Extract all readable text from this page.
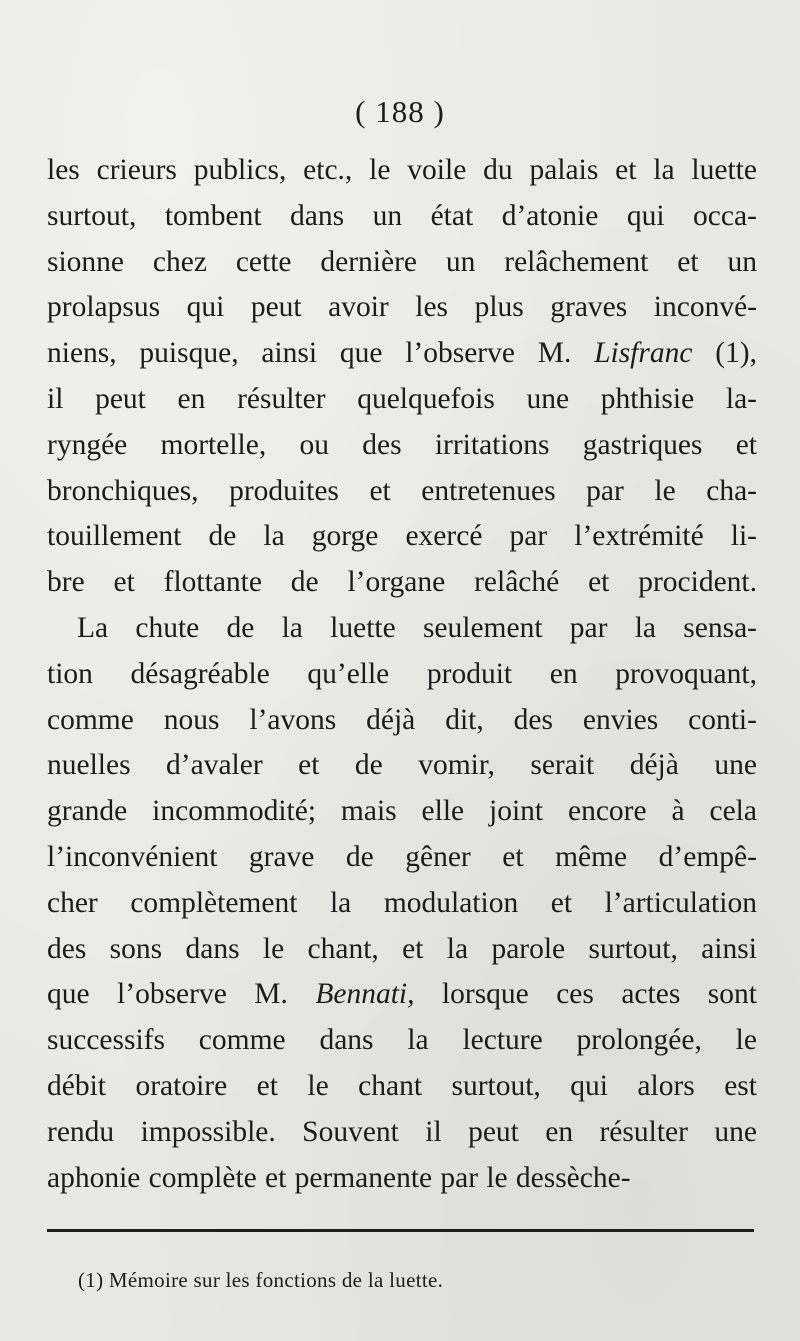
( 188 )
les crieurs publics, etc., le voile du palais et la luette
surtout, tombent dans un état d’atonie qui occa-
sionne chez cette dernière un relâchement et un
prolapsus qui peut avoir les plus graves inconvé-
niens, puisque, ainsi que l’observe M. Lisfranc (1),
il peut en résulter quelquefois une phthisie la-
ryngée mortelle, ou des irritations gastriques et
bronchiques, produites et entretenues par le cha-
touillement de la gorge exercé par l’extrémité li-
bre et flottante de l’organe relâché et procident.
La chute de la luette seulement par la sensa-
tion désagréable qu’elle produit en provoquant,
comme nous l’avons déjà dit, des envies conti-
nuelles d’avaler et de vomir, serait déjà une
grande incommodité; mais elle joint encore à cela
l’inconvénient grave de gêner et même d’empê-
cher complètement la modulation et l’articulation
des sons dans le chant, et la parole surtout, ainsi
que l’observe M. Bennati, lorsque ces actes sont
successifs comme dans la lecture prolongée, le
débit oratoire et le chant surtout, qui alors est
rendu impossible. Souvent il peut en résulter une
aphonie complète et permanente par le dessèche-
(1) Mémoire sur les fonctions de la luette.
